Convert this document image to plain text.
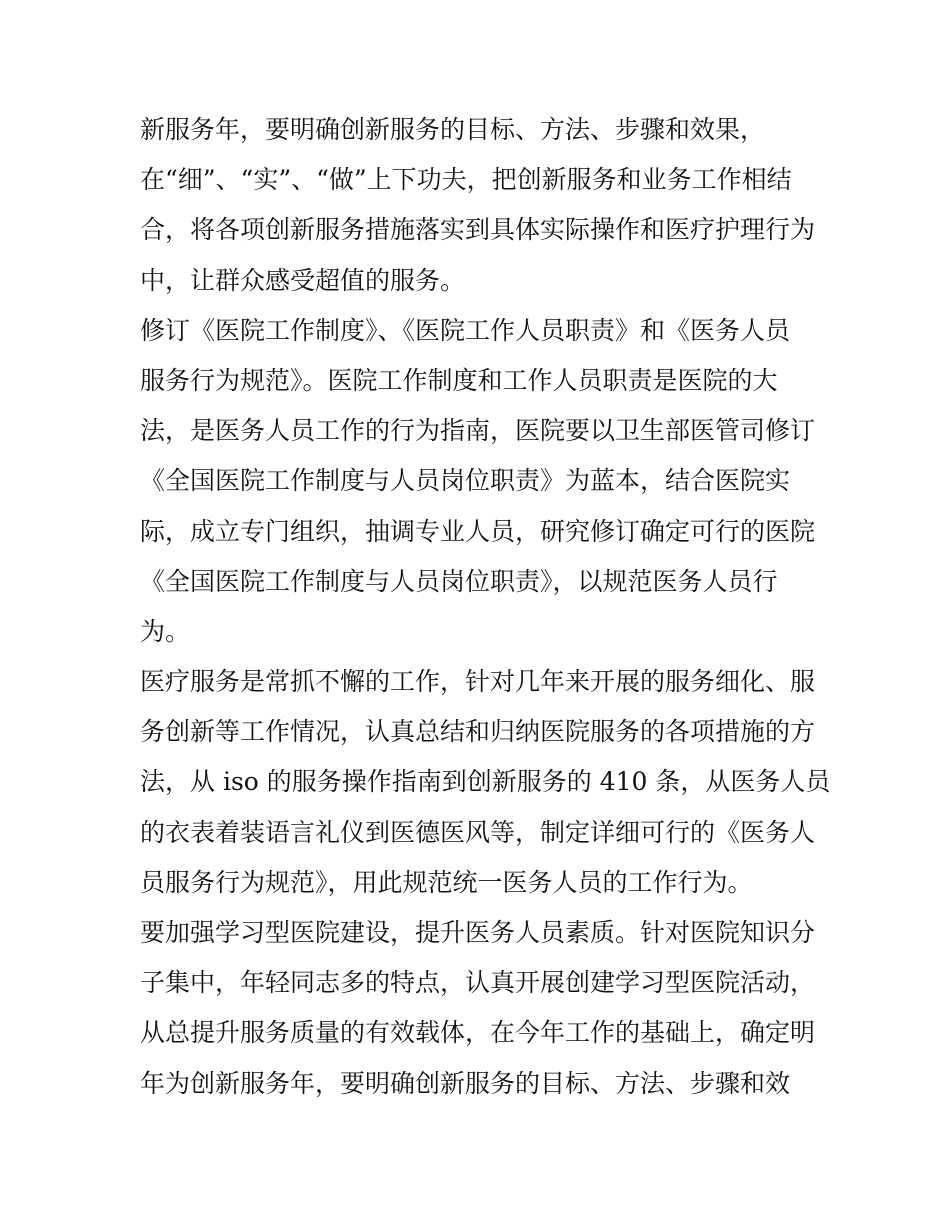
新服务年，要明确创新服务的目标、方法、步骤和效果，
在“细”、“实”、“做”上下功夫，把创新服务和业务工作相结
合，将各项创新服务措施落实到具体实际操作和医疗护理行为
中，让群众感受超值的服务。
修订《医院工作制度》、《医院工作人员职责》和《医务人员
服务行为规范》。医院工作制度和工作人员职责是医院的大
法，是医务人员工作的行为指南，医院要以卫生部医管司修订
《全国医院工作制度与人员岗位职责》为蓝本，结合医院实
际，成立专门组织，抽调专业人员，研究修订确定可行的医院
《全国医院工作制度与人员岗位职责》，以规范医务人员行
为。
医疗服务是常抓不懈的工作，针对几年来开展的服务细化、服
务创新等工作情况，认真总结和归纳医院服务的各项措施的方
法，从 iso 的服务操作指南到创新服务的 410 条，从医务人员
的衣表着装语言礼仪到医德医风等，制定详细可行的《医务人
员服务行为规范》，用此规范统一医务人员的工作行为。
要加强学习型医院建设，提升医务人员素质。针对医院知识分
子集中，年轻同志多的特点，认真开展创建学习型医院活动，
从总提升服务质量的有效载体，在今年工作的基础上，确定明
年为创新服务年，要明确创新服务的目标、方法、步骤和效
